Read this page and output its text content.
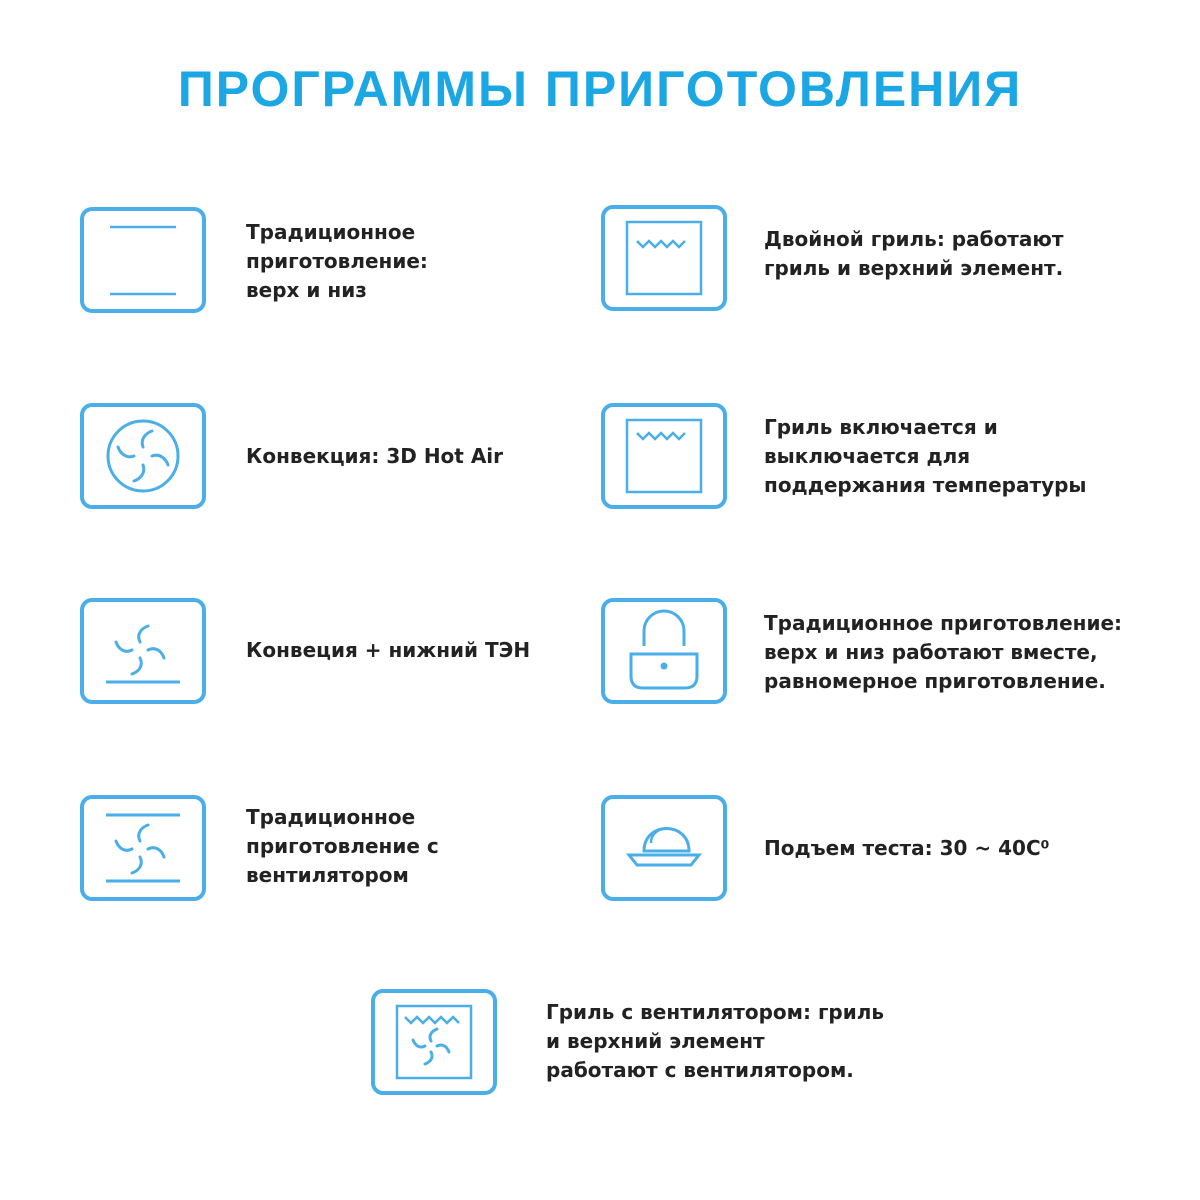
ПРОГРАММЫ ПРИГОТОВЛЕНИЯ
Традиционное
приготовление:
верх и низ
Двойной гриль: работают
гриль и верхний элемент.
Конвекция: 3D Hot Air
Гриль включается и
выключается для
поддержания температуры
Конвеция + нижний ТЭН
Традиционное приготовление:
верх и низ работают вместе,
равномерное приготовление.
Традиционное
приготовление с
вентилятором
Подъем теста: 30 ~ 40C⁰
Гриль с вентилятором: гриль
и верхний элемент
работают с вентилятором.
